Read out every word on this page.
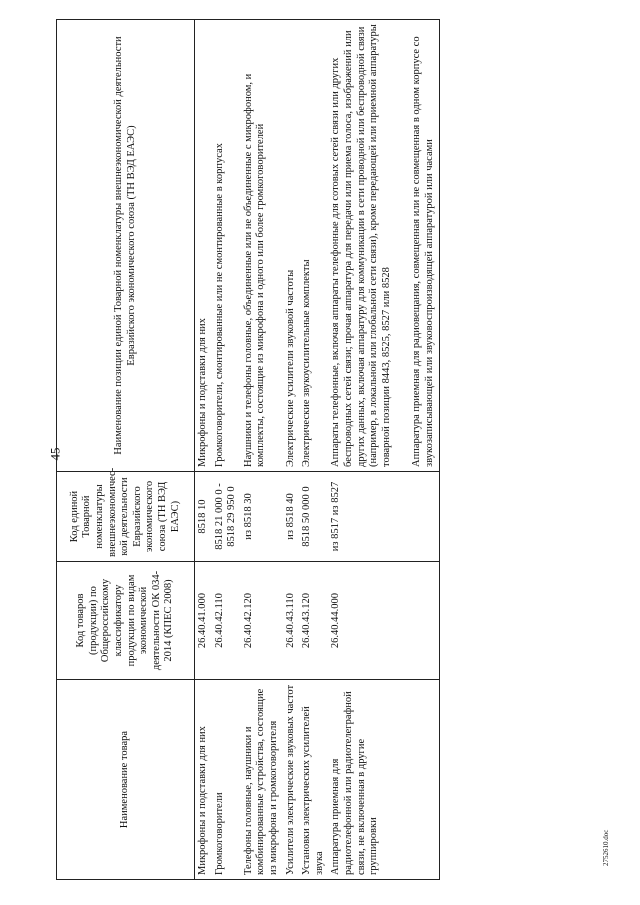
45
Наименование товара	Код товаров (продукции) по Общероссийскому классификатору продукции по видам экономической деятельности ОК 034-2014 (КПЕС 2008)	Код единой Товарной номенклатуры внешнеэкономичес-кой деятельности Евразийского экономического союза (ТН ВЭД ЕАЭС)	Наименование позиции единой Товарной номенклатуры внешнеэкономической деятельности Евразийского экономического союза (ТН ВЭД ЕАЭС)
Микрофоны и подставки для них	26.40.41.000	8518 10	Микрофоны и подставки для них
Громкоговорители	26.40.42.110	8518 21 000 0 - 8518 29 950 0	Громкоговорители, смонтированные или не смонтированные в корпусах
Телефоны головные, наушники и комбинированные устройства, состоящие из микрофона и громкоговорителя	26.40.42.120	из 8518 30	Наушники и телефоны головные, объединенные или не объединенные с микрофоном, и комплекты, состоящие из микрофона и одного или более громкоговорителей
Усилители электрические звуковых частот	26.40.43.110	из 8518 40	Электрические усилители звуковой частоты
Установки электрических усилителей звука	26.40.43.120	8518 50 000 0	Электрические звукоусилительные комплекты
Аппаратура приемная для радиотелефонной или радиотелеграфной связи, не включенная в другие группировки	26.40.44.000	из 8517 из 8527	Аппараты телефонные, включая аппараты телефонные для сотовых сетей связи или других беспроводных сетей связи; прочая аппаратура для передачи или приема голоса, изображений или других данных, включая аппаратуру для коммуникации в сети проводной или беспроводной связи (например, в локальной или глобальной сети связи), кроме передающей или приемной аппаратуры товарной позиции 8443, 8525, 8527 или 8528 Аппаратура приемная для радиовещания, совмещенная или не совмещенная в одном корпусе со звукозаписывающей или звуковоспроизводящей аппаратурой или часами
2752610.doc
